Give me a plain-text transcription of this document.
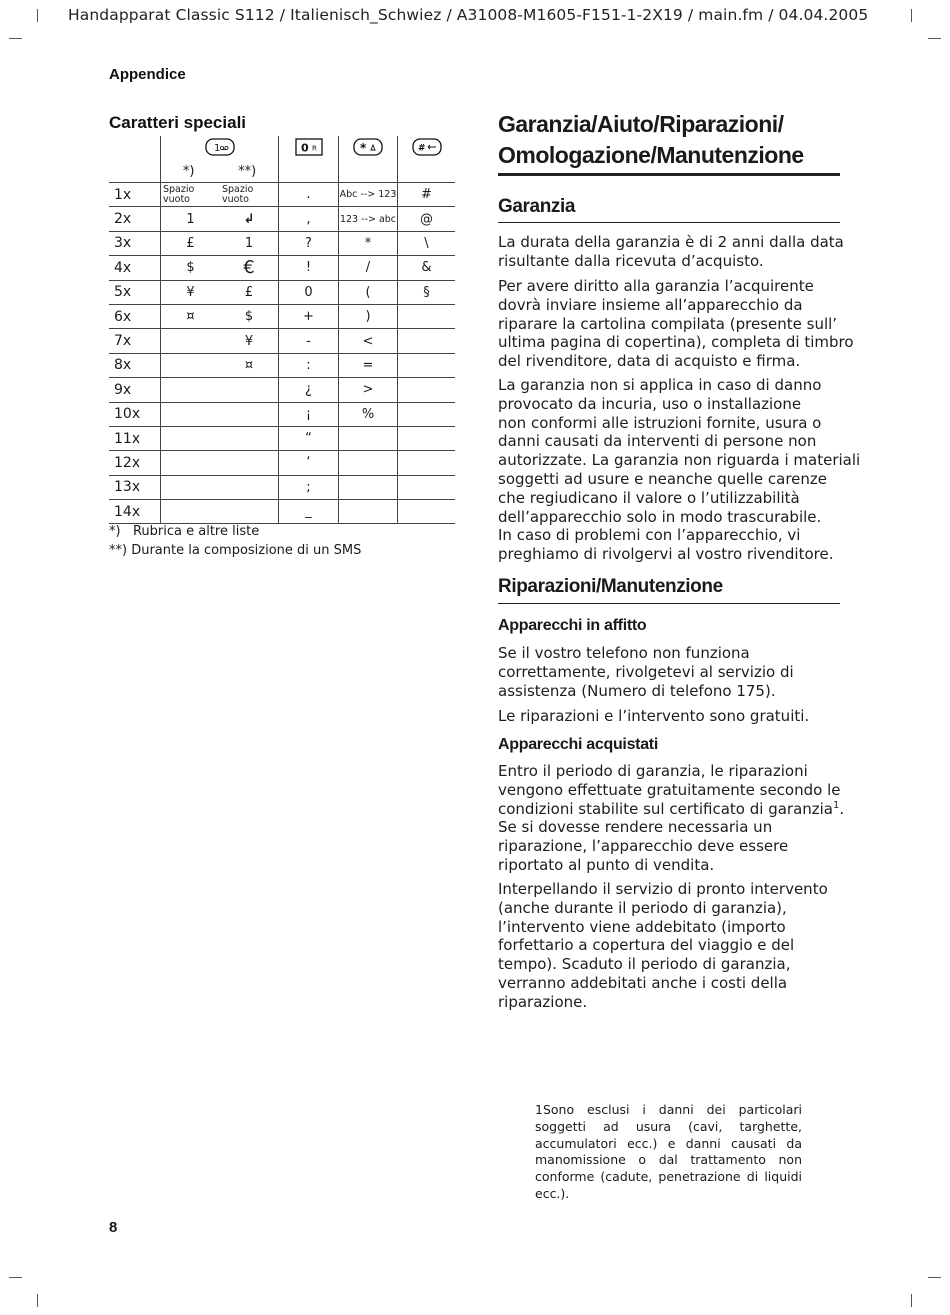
Handapparat Classic S112 / Italienisch_Schwiez / A31008-M1605-F151-1-2X19 / main.fm / 04.04.2005
Appendice
Caratteri speciali

1
*) **)		0 R	*	#

1x	Spazio vuoto	Spazio vuoto	.	Abc --> 123	#
2x	1	↲	,	123 --> abc	@
3x	£	1	?	*	\
4x	$	€	!	/	&
5x	¥	£	0	(	§
6x	¤	$	+	)	
7x		¥	-	<	
8x		¤	:	=	
9x			¿	>	
10x			¡	%	
11x			“		
12x			‘		
13x			;		
14x			_		
*)   Rubrica e altre liste
**) Durante la composizione di un SMS
Garanzia/Aiuto/Riparazioni/
Omologazione/Manutenzione
Garanzia
La durata della garanzia è di 2 anni dalla data
risultante dalla ricevuta d’acquisto.
Per avere diritto alla garanzia l’acquirente
dovrà inviare insieme all’apparecchio da
riparare la cartolina compilata (presente sull’
ultima pagina di copertina), completa di timbro
del rivenditore, data di acquisto e firma.
La garanzia non si applica in caso di danno
provocato da incuria, uso o installazione
non conformi alle istruzioni fornite, usura o
danni causati da interventi di persone non
autorizzate. La garanzia non riguarda i materiali
soggetti ad usure e neanche quelle carenze
che regiudicano il valore o l’utilizzabilità
dell’apparecchio solo in modo trascurabile.
In caso di problemi con l’apparecchio, vi
preghiamo di rivolgervi al vostro rivenditore.
Riparazioni/Manutenzione
Apparecchi in affitto
Se il vostro telefono non funziona
correttamente, rivolgetevi al servizio di
assistenza (Numero di telefono 175).
Le riparazioni e l’intervento sono gratuiti.
Apparecchi acquistati
Entro il periodo di garanzia, le riparazioni
vengono effettuate gratuitamente secondo le
condizioni stabilite sul certificato di garanzia$^1$.
Se si dovesse rendere necessaria un
riparazione, l’apparecchio deve essere
riportato al punto di vendita.
Interpellando il servizio di pronto intervento
(anche durante il periodo di garanzia),
l’intervento viene addebitato (importo
forfettario a copertura del viaggio e del
tempo). Scaduto il periodo di garanzia,
verranno addebitati anche i costi della
riparazione.
1Sono esclusi i danni dei particolari soggetti ad usura (cavi, targhette, accumulatori ecc.) e danni causati da manomissione o dal trattamento non conforme (cadute, penetrazione di liquidi ecc.).
8
